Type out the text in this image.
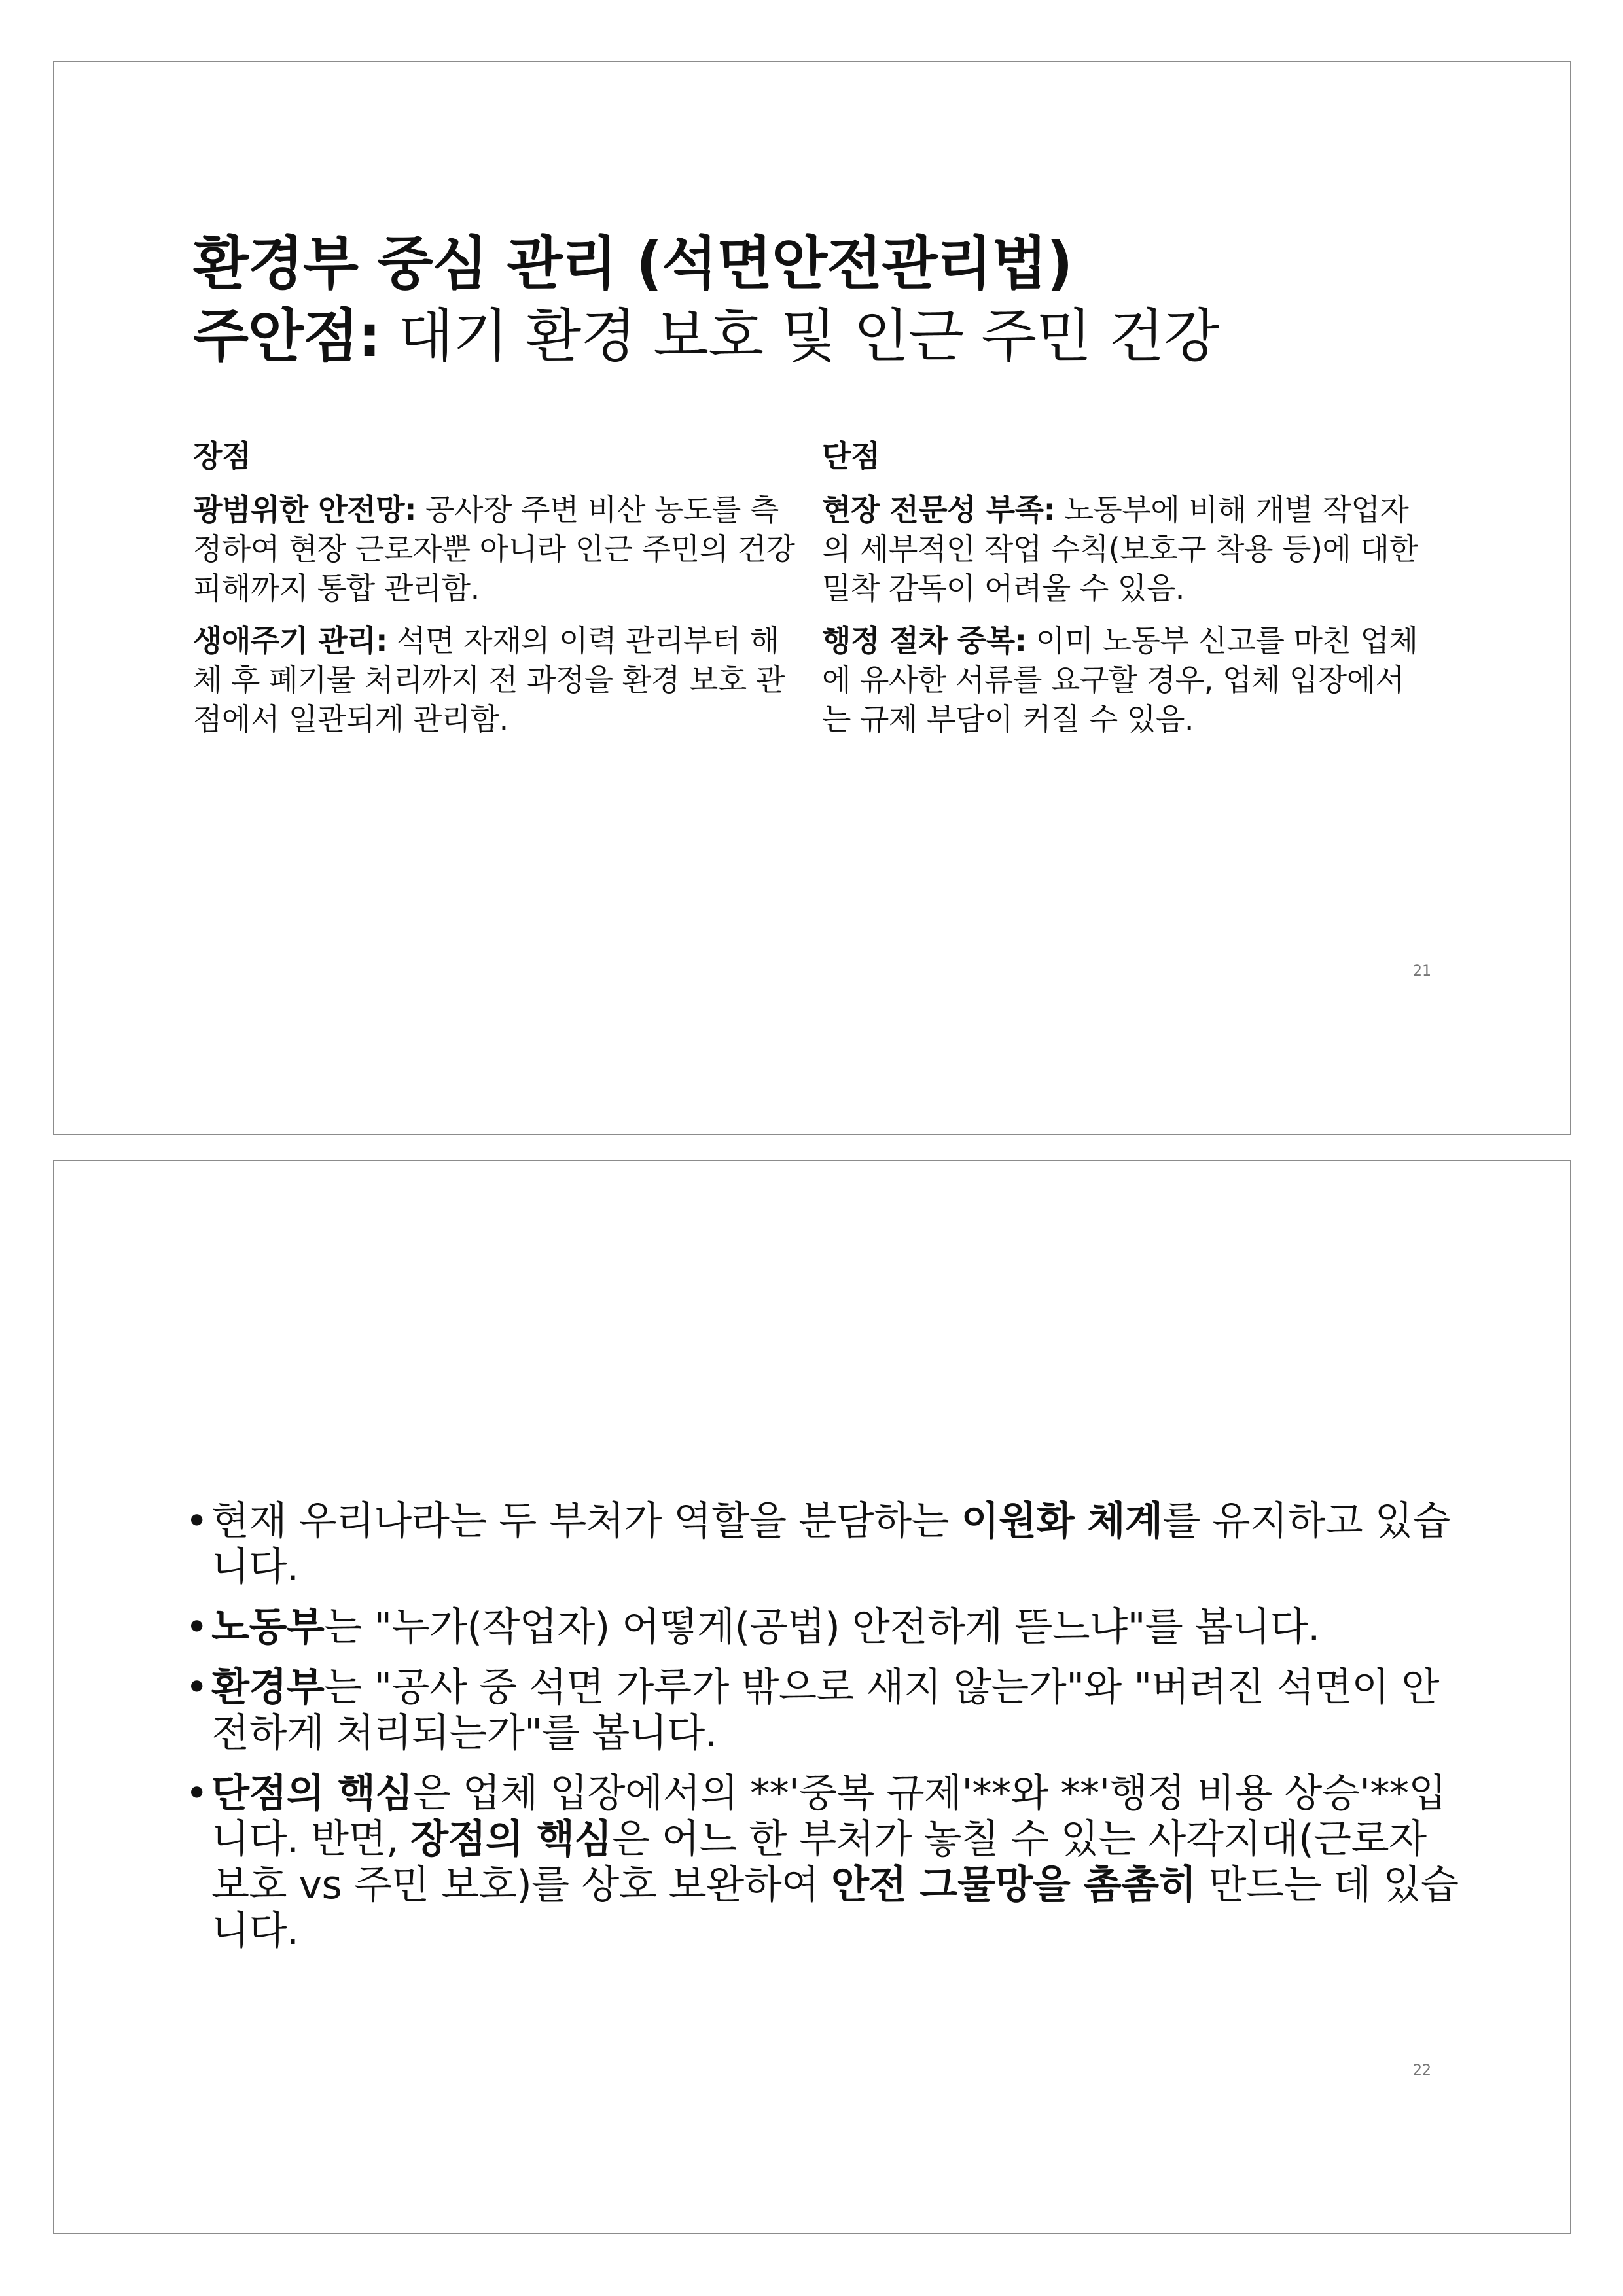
환경부 중심 관리 (석면안전관리법)
주안점: 대기 환경 보호 및 인근 주민 건강
장점

광범위한 안전망: 공사장 주변 비산 농도를 측정하여 현장 근로자뿐 아니라 인근 주민의 건강 피해까지 통합 관리함.

생애주기 관리: 석면 자재의 이력 관리부터 해체 후 폐기물 처리까지 전 과정을 환경 보호 관점에서 일관되게 관리함.

단점

현장 전문성 부족: 노동부에 비해 개별 작업자의 세부적인 작업 수칙(보호구 착용 등)에 대한 밀착 감독이 어려울 수 있음.

행정 절차 중복: 이미 노동부 신고를 마친 업체에 유사한 서류를 요구할 경우, 업체 입장에서는 규제 부담이 커질 수 있음.

21
• 현재 우리나라는 두 부처가 역할을 분담하는 이원화 체계를 유지하고 있습니다.
• 노동부는 "누가(작업자) 어떻게(공법) 안전하게 뜯느냐"를 봅니다.
• 환경부는 "공사 중 석면 가루가 밖으로 새지 않는가"와 "버려진 석면이 안전하게 처리되는가"를 봅니다.
• 단점의 핵심은 업체 입장에서의 **'중복 규제'**와 **'행정 비용 상승'**입니다. 반면, 장점의 핵심은 어느 한 부처가 놓칠 수 있는 사각지대(근로자 보호 vs 주민 보호)를 상호 보완하여 안전 그물망을 촘촘히 만드는 데 있습니다.
22
